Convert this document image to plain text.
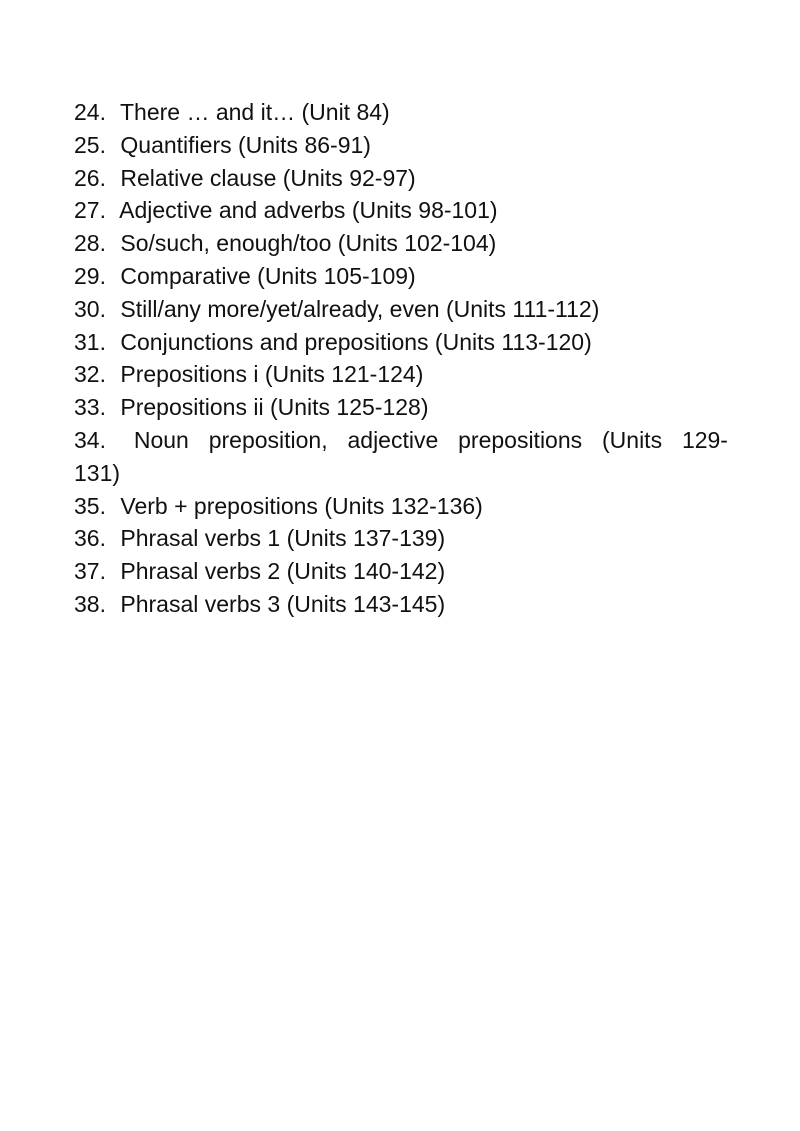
24. There … and it… (Unit 84)
25. Quantifiers (Units 86-91)
26. Relative clause (Units 92-97)
27. Adjective and adverbs (Units 98-101)
28. So/such, enough/too (Units 102-104)
29. Comparative (Units 105-109)
30. Still/any more/yet/already, even (Units 111-112)
31. Conjunctions and prepositions (Units 113-120)
32. Prepositions i (Units 121-124)
33. Prepositions ii (Units 125-128)
34.	Noun preposition, adjective prepositions (Units 129-
131)
35. Verb + prepositions (Units 132-136)
36. Phrasal verbs 1 (Units 137-139)
37. Phrasal verbs 2 (Units 140-142)
38. Phrasal verbs 3 (Units 143-145)
